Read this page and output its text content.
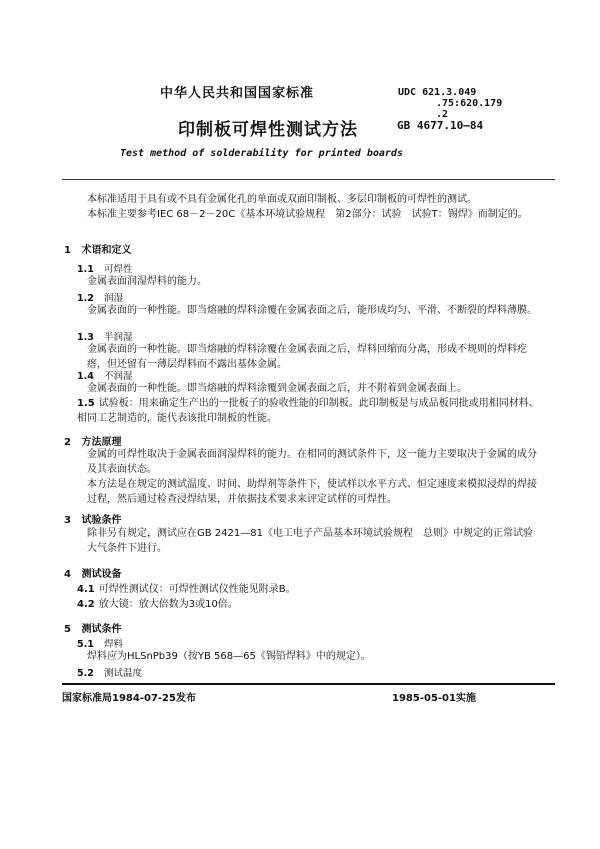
中华人民共和国国家标准	UDC 621.3.049
.75:620.179
.2
印制板可焊性测试方法	GB 4677.10—84
Test method of solderability for printed boards
本标准适用于具有或不具有金属化孔的单面或双面印制板、多层印制板的可焊性的测试。
本标准主要参考IEC 68－2－20C《基本环境试验规程　第2部分：试验　试验T：锡焊》而制定的。
1 术语和定义
1.1 可焊性
金属表面润湿焊料的能力。
1.2 润湿
金属表面的一种性能。即当熔融的焊料涂覆在金属表面之后，能形成均匀、平滑、不断裂的焊料薄膜。
1.3 半润湿
金属表面的一种性能。即当熔融的焊料涂覆在金属表面之后，焊料回缩而分离，形成不规则的焊料疙瘩，但还留有一薄层焊料而不露出基体金属。
1.4 不润湿
金属表面的一种性能。即当熔融的焊料涂覆到金属表面之后，并不附着到金属表面上。
1.5 试验板：用来确定生产出的一批板子的验收性能的印制板。此印制板是与成品板同批或用相同材料、相同工艺制造的，能代表该批印制板的性能。
2 方法原理
金属的可焊性取决于金属表面润湿焊料的能力。在相同的测试条件下，这一能力主要取决于金属的成分及其表面状态。
本方法是在规定的测试温度、时间、助焊剂等条件下，使试样以水平方式、恒定速度来模拟浸焊的焊接过程，然后通过检查浸焊结果，并依据技术要求来评定试样的可焊性。
3 试验条件
除非另有规定，测试应在GB 2421—81《电工电子产品基本环境试验规程　总则》中规定的正常试验大气条件下进行。
4 测试设备
4.1 可焊性测试仪：可焊性测试仪性能见附录B。
4.2 放大镜：放大倍数为3或10倍。
5 测试条件
5.1 焊料
焊料应为HLSnPb39（按YB 568—65《锡铅焊料》中的规定）。
5.2 测试温度
国家标准局1984-07-25发布	1985-05-01实施
